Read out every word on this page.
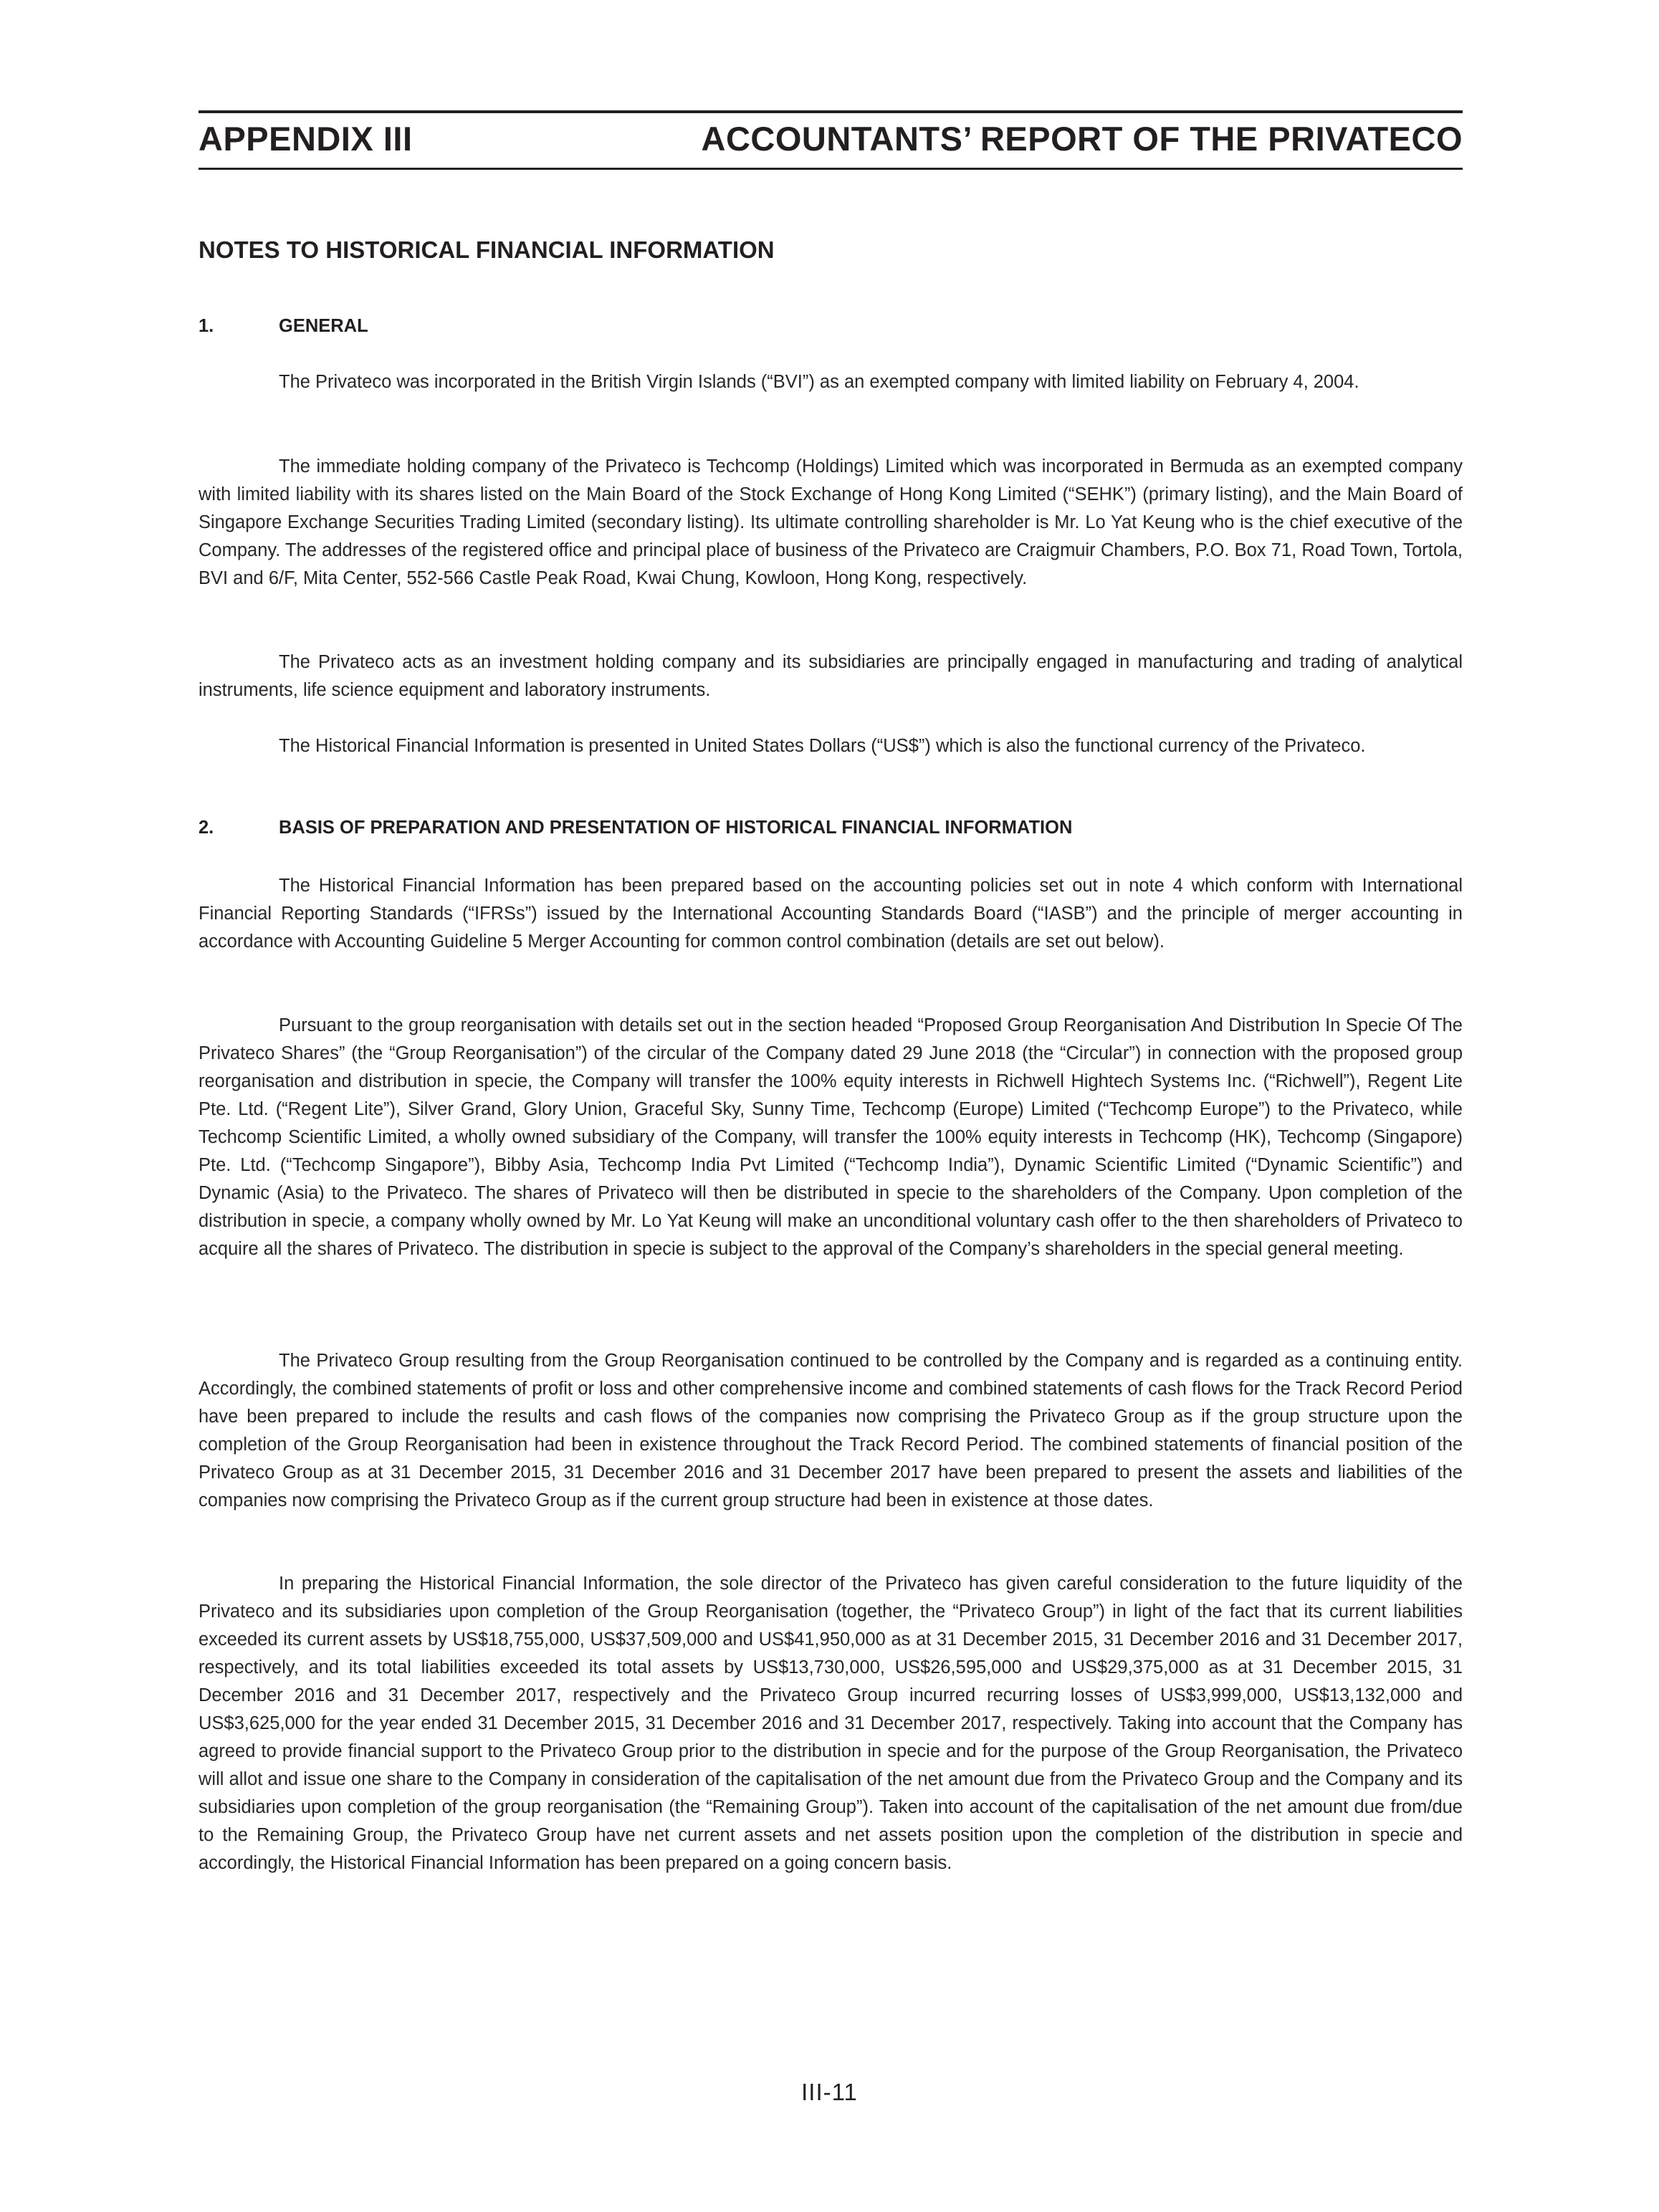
APPENDIX III	ACCOUNTANTS’ REPORT OF THE PRIVATECO
NOTES TO HISTORICAL FINANCIAL INFORMATION
1.	GENERAL

The Privateco was incorporated in the British Virgin Islands (“BVI”) as an exempted company with limited liability on February 4, 2004.

The immediate holding company of the Privateco is Techcomp (Holdings) Limited which was incorporated in Bermuda as an exempted company with limited liability with its shares listed on the Main Board of the Stock Exchange of Hong Kong Limited (“SEHK”) (primary listing), and the Main Board of Singapore Exchange Securities Trading Limited (secondary listing). Its ultimate controlling shareholder is Mr. Lo Yat Keung who is the chief executive of the Company. The addresses of the registered office and principal place of business of the Privateco are Craigmuir Chambers, P.O. Box 71, Road Town, Tortola, BVI and 6/F, Mita Center, 552-566 Castle Peak Road, Kwai Chung, Kowloon, Hong Kong, respectively.

The Privateco acts as an investment holding company and its subsidiaries are principally engaged in manufacturing and trading of analytical instruments, life science equipment and laboratory instruments.

The Historical Financial Information is presented in United States Dollars (“US$”) which is also the functional currency of the Privateco.

2.	BASIS OF PREPARATION AND PRESENTATION OF HISTORICAL FINANCIAL INFORMATION

The Historical Financial Information has been prepared based on the accounting policies set out in note 4 which conform with International Financial Reporting Standards (“IFRSs”) issued by the International Accounting Standards Board (“IASB”) and the principle of merger accounting in accordance with Accounting Guideline 5 Merger Accounting for common control combination (details are set out below).

Pursuant to the group reorganisation with details set out in the section headed “Proposed Group Reorganisation And Distribution In Specie Of The Privateco Shares” (the “Group Reorganisation”) of the circular of the Company dated 29 June 2018 (the “Circular”) in connection with the proposed group reorganisation and distribution in specie, the Company will transfer the 100% equity interests in Richwell Hightech Systems Inc. (“Richwell”), Regent Lite Pte. Ltd. (“Regent Lite”), Silver Grand, Glory Union, Graceful Sky, Sunny Time, Techcomp (Europe) Limited (“Techcomp Europe”) to the Privateco, while Techcomp Scientific Limited, a wholly owned subsidiary of the Company, will transfer the 100% equity interests in Techcomp (HK), Techcomp (Singapore) Pte. Ltd. (“Techcomp Singapore”), Bibby Asia, Techcomp India Pvt Limited (“Techcomp India”), Dynamic Scientific Limited (“Dynamic Scientific”) and Dynamic (Asia) to the Privateco. The shares of Privateco will then be distributed in specie to the shareholders of the Company. Upon completion of the distribution in specie, a company wholly owned by Mr. Lo Yat Keung will make an unconditional voluntary cash offer to the then shareholders of Privateco to acquire all the shares of Privateco. The distribution in specie is subject to the approval of the Company’s shareholders in the special general meeting.

The Privateco Group resulting from the Group Reorganisation continued to be controlled by the Company and is regarded as a continuing entity. Accordingly, the combined statements of profit or loss and other comprehensive income and combined statements of cash flows for the Track Record Period have been prepared to include the results and cash flows of the companies now comprising the Privateco Group as if the group structure upon the completion of the Group Reorganisation had been in existence throughout the Track Record Period. The combined statements of financial position of the Privateco Group as at 31 December 2015, 31 December 2016 and 31 December 2017 have been prepared to present the assets and liabilities of the companies now comprising the Privateco Group as if the current group structure had been in existence at those dates.

In preparing the Historical Financial Information, the sole director of the Privateco has given careful consideration to the future liquidity of the Privateco and its subsidiaries upon completion of the Group Reorganisation (together, the “Privateco Group”) in light of the fact that its current liabilities exceeded its current assets by US$18,755,000, US$37,509,000 and US$41,950,000 as at 31 December 2015, 31 December 2016 and 31 December 2017, respectively, and its total liabilities exceeded its total assets by US$13,730,000, US$26,595,000 and US$29,375,000 as at 31 December 2015, 31 December 2016 and 31 December 2017, respectively and the Privateco Group incurred recurring losses of US$3,999,000, US$13,132,000 and US$3,625,000 for the year ended 31 December 2015, 31 December 2016 and 31 December 2017, respectively. Taking into account that the Company has agreed to provide financial support to the Privateco Group prior to the distribution in specie and for the purpose of the Group Reorganisation, the Privateco will allot and issue one share to the Company in consideration of the capitalisation of the net amount due from the Privateco Group and the Company and its subsidiaries upon completion of the group reorganisation (the “Remaining Group”). Taken into account of the capitalisation of the net amount due from/due to the Remaining Group, the Privateco Group have net current assets and net assets position upon the completion of the distribution in specie and accordingly, the Historical Financial Information has been prepared on a going concern basis.

III-11
